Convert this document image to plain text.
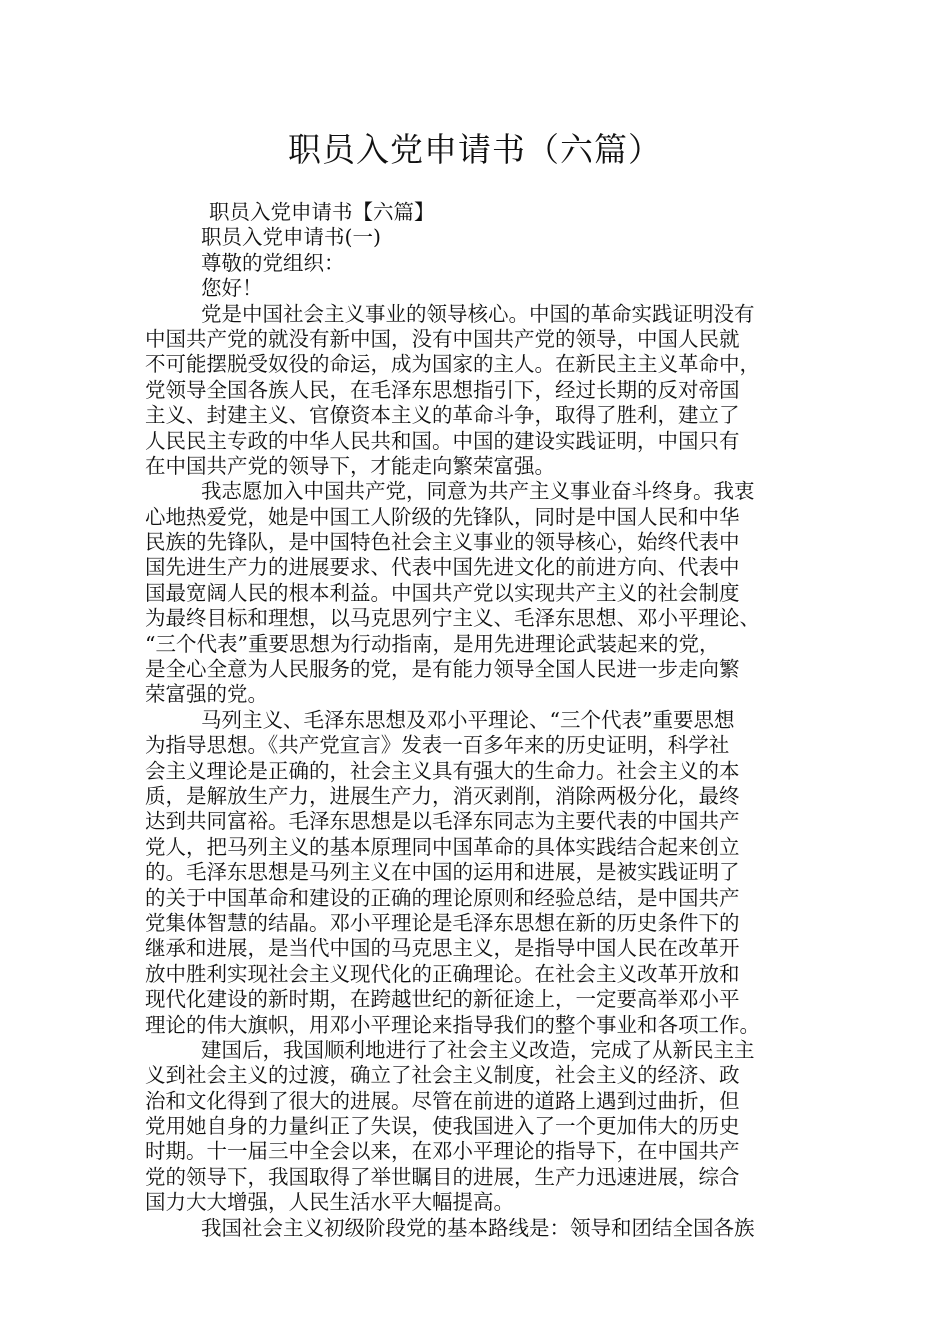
职员入党申请书（六篇）
职员入党申请书【六篇】
职员入党申请书(一)
尊敬的党组织：
您好！
党是中国社会主义事业的领导核心。中国的革命实践证明没有
中国共产党的就没有新中国，没有中国共产党的领导，中国人民就
不可能摆脱受奴役的命运，成为国家的主人。在新民主主义革命中，
党领导全国各族人民，在毛泽东思想指引下，经过长期的反对帝国
主义、封建主义、官僚资本主义的革命斗争，取得了胜利，建立了
人民民主专政的中华人民共和国。中国的建设实践证明，中国只有
在中国共产党的领导下，才能走向繁荣富强。
我志愿加入中国共产党，同意为共产主义事业奋斗终身。我衷
心地热爱党，她是中国工人阶级的先锋队，同时是中国人民和中华
民族的先锋队，是中国特色社会主义事业的领导核心，始终代表中
国先进生产力的进展要求、代表中国先进文化的前进方向、代表中
国最宽阔人民的根本利益。中国共产党以实现共产主义的社会制度
为最终目标和理想，以马克思列宁主义、毛泽东思想、邓小平理论、
“三个代表”重要思想为行动指南，是用先进理论武装起来的党，
是全心全意为人民服务的党，是有能力领导全国人民进一步走向繁
荣富强的党。
马列主义、毛泽东思想及邓小平理论、“三个代表”重要思想
为指导思想。《共产党宣言》发表一百多年来的历史证明，科学社
会主义理论是正确的，社会主义具有强大的生命力。社会主义的本
质，是解放生产力，进展生产力，消灭剥削，消除两极分化，最终
达到共同富裕。毛泽东思想是以毛泽东同志为主要代表的中国共产
党人，把马列主义的基本原理同中国革命的具体实践结合起来创立
的。毛泽东思想是马列主义在中国的运用和进展，是被实践证明了
的关于中国革命和建设的正确的理论原则和经验总结，是中国共产
党集体智慧的结晶。邓小平理论是毛泽东思想在新的历史条件下的
继承和进展，是当代中国的马克思主义，是指导中国人民在改革开
放中胜利实现社会主义现代化的正确理论。在社会主义改革开放和
现代化建设的新时期，在跨越世纪的新征途上，一定要高举邓小平
理论的伟大旗帜，用邓小平理论来指导我们的整个事业和各项工作。
建国后，我国顺利地进行了社会主义改造，完成了从新民主主
义到社会主义的过渡，确立了社会主义制度，社会主义的经济、政
治和文化得到了很大的进展。尽管在前进的道路上遇到过曲折，但
党用她自身的力量纠正了失误，使我国进入了一个更加伟大的历史
时期。十一届三中全会以来，在邓小平理论的指导下，在中国共产
党的领导下，我国取得了举世瞩目的进展，生产力迅速进展，综合
国力大大增强，人民生活水平大幅提高。
我国社会主义初级阶段党的基本路线是：领导和团结全国各族
